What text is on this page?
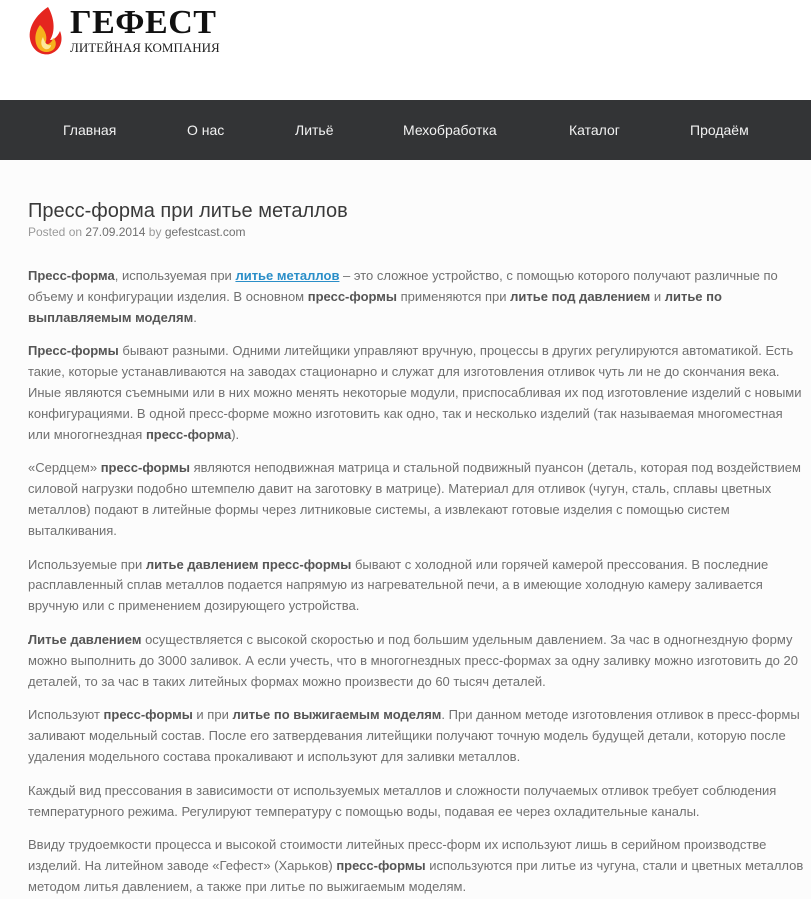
ГЕФЕСТ
ЛИТЕЙНАЯ КОМПАНИЯ
Главная	О нас	Литьё	Мехобработка	Каталог	Продаём
Пресс-форма при литье металлов
Posted on 27.09.2014 by gefestcast.com

Пресс-форма, используемая при литье металлов – это сложное устройство, с помощью которого получают различные по объему и конфигурации изделия. В основном пресс-формы применяются при литье под давлением и литье по выплавляемым моделям.

Пресс-формы бывают разными. Одними литейщики управляют вручную, процессы в других регулируются автоматикой. Есть такие, которые устанавливаются на заводах стационарно и служат для изготовления отливок чуть ли не до скончания века. Иные являются съемными или в них можно менять некоторые модули, приспосабливая их под изготовление изделий с новыми конфигурациями. В одной пресс-форме можно изготовить как одно, так и несколько изделий (так называемая многоместная или многогнездная пресс-форма).

«Сердцем» пресс-формы являются неподвижная матрица и стальной подвижный пуансон (деталь, которая под воздействием силовой нагрузки подобно штемпелю давит на заготовку в матрице). Материал для отливок (чугун, сталь, сплавы цветных металлов) подают в литейные формы через литниковые системы, а извлекают готовые изделия с помощью систем выталкивания.

Используемые при литье давлением пресс-формы бывают с холодной или горячей камерой прессования. В последние расплавленный сплав металлов подается напрямую из нагревательной печи, а в имеющие холодную камеру заливается вручную или с применением дозирующего устройства.

Литье давлением осуществляется с высокой скоростью и под большим удельным давлением. За час в одногнездную форму можно выполнить до 3000 заливок. А если учесть, что в многогнездных пресс-формах за одну заливку можно изготовить до 20 деталей, то за час в таких литейных формах можно произвести до 60 тысяч деталей.

Используют пресс-формы и при литье по выжигаемым моделям. При данном методе изготовления отливок в пресс-формы заливают модельный состав. После его затвердевания литейщики получают точную модель будущей детали, которую после удаления модельного состава прокаливают и используют для заливки металлов.

Каждый вид прессования в зависимости от используемых металлов и сложности получаемых отливок требует соблюдения температурного режима. Регулируют температуру с помощью воды, подавая ее через охладительные каналы.

Ввиду трудоемкости процесса и высокой стоимости литейных пресс-форм их используют лишь в серийном производстве изделий. На литейном заводе «Гефест» (Харьков) пресс-формы используются при литье из чугуна, стали и цветных металлов методом литья давлением, а также при литье по выжигаемым моделям.
